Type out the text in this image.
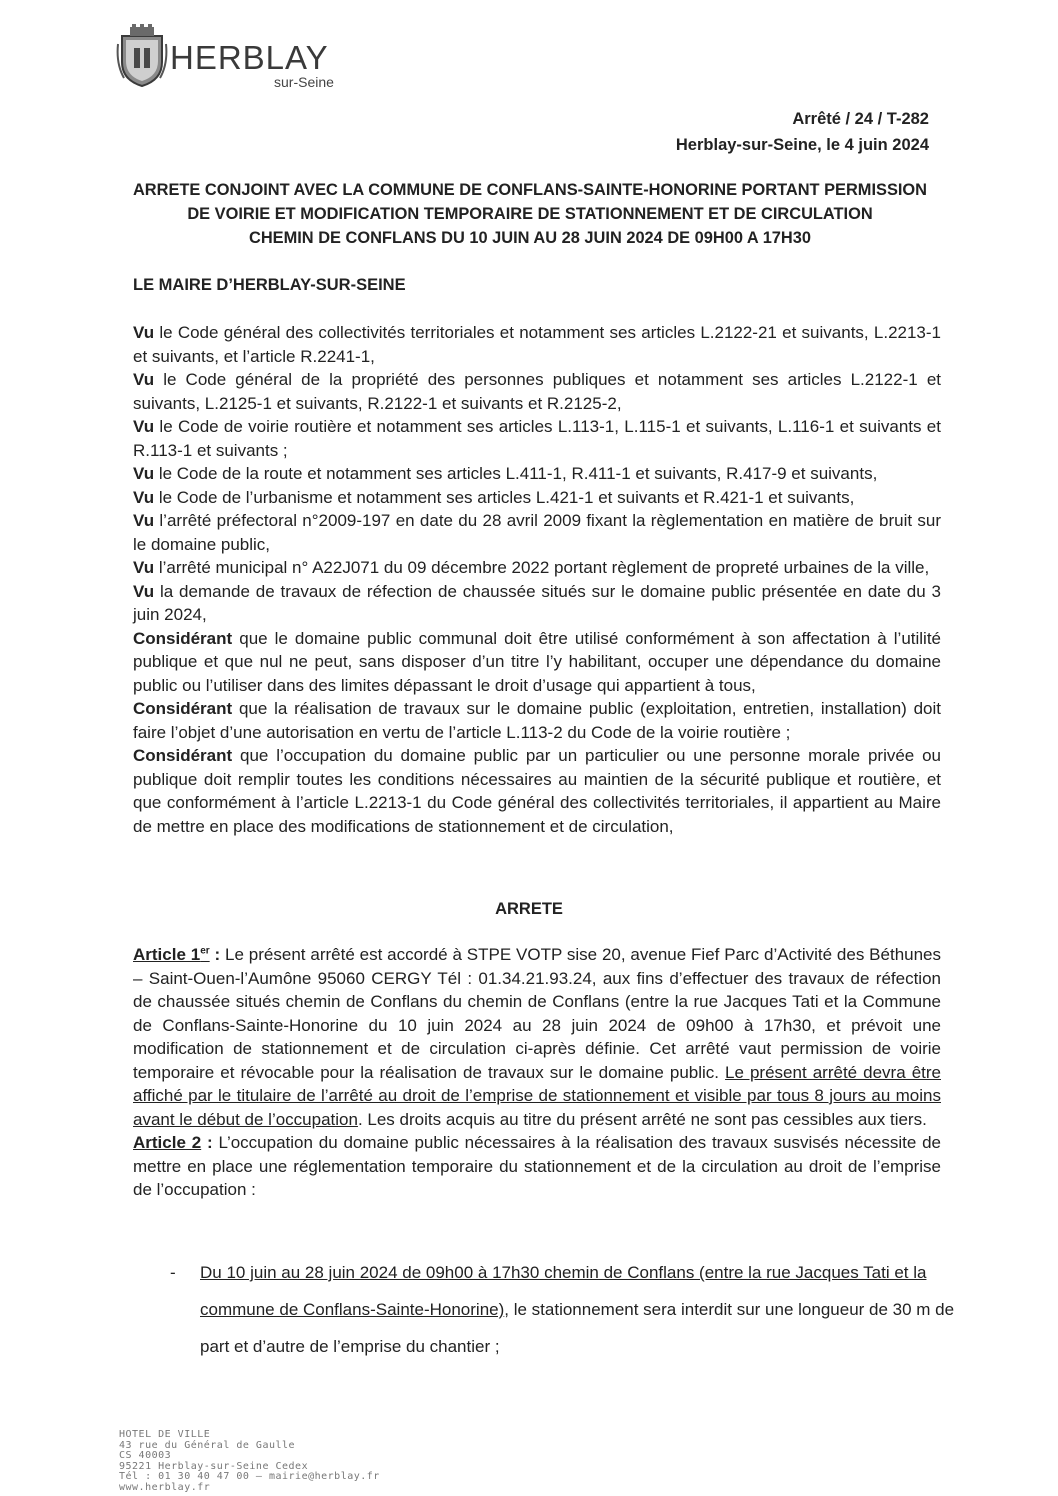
HERBLAY
sur-Seine
Arrêté / 24 / T-282
Herblay-sur-Seine, le 4 juin 2024
ARRETE CONJOINT AVEC LA COMMUNE DE CONFLANS-SAINTE-HONORINE PORTANT PERMISSION
DE VOIRIE ET MODIFICATION TEMPORAIRE DE STATIONNEMENT ET DE CIRCULATION
CHEMIN DE CONFLANS DU 10 JUIN AU 28 JUIN 2024 DE 09H00 A 17H30
LE MAIRE D’HERBLAY-SUR-SEINE

Vu le Code général des collectivités territoriales et notamment ses articles L.2122-21 et suivants, L.2213-1 et suivants, et l’article R.2241-1,

Vu le Code général de la propriété des personnes publiques et notamment ses articles L.2122-1 et suivants, L.2125-1 et suivants, R.2122-1 et suivants et R.2125-2,

Vu le Code de voirie routière et notamment ses articles L.113-1, L.115-1 et suivants, L.116-1 et suivants et R.113-1 et suivants ;

Vu le Code de la route et notamment ses articles L.411-1, R.411-1 et suivants, R.417-9 et suivants,

Vu le Code de l’urbanisme et notamment ses articles L.421-1 et suivants et R.421-1 et suivants,

Vu l’arrêté préfectoral n°2009-197 en date du 28 avril 2009 fixant la règlementation en matière de bruit sur le domaine public,

Vu l’arrêté municipal n° A22J071 du 09 décembre 2022 portant règlement de propreté urbaines de la ville,

Vu la demande de travaux de réfection de chaussée situés sur le domaine public présentée en date du 3 juin 2024,

Considérant que le domaine public communal doit être utilisé conformément à son affectation à l’utilité publique et que nul ne peut, sans disposer d’un titre l’y habilitant, occuper une dépendance du domaine public ou l’utiliser dans des limites dépassant le droit d’usage qui appartient à tous,

Considérant que la réalisation de travaux sur le domaine public (exploitation, entretien, installation) doit faire l’objet d’une autorisation en vertu de l’article L.113-2 du Code de la voirie routière ;

Considérant que l’occupation du domaine public par un particulier ou une personne morale privée ou publique doit remplir toutes les conditions nécessaires au maintien de la sécurité publique et routière, et que conformément à l’article L.2213-1 du Code général des collectivités territoriales, il appartient au Maire de mettre en place des modifications de stationnement et de circulation,

ARRETE

Article 1er : Le présent arrêté est accordé à STPE VOTP sise 20, avenue Fief Parc d’Activité des Béthunes – Saint-Ouen-l’Aumône 95060 CERGY Tél : 01.34.21.93.24, aux fins d’effectuer des travaux de réfection de chaussée situés chemin de Conflans du chemin de Conflans (entre la rue Jacques Tati et la Commune de Conflans-Sainte-Honorine du 10 juin 2024 au 28 juin 2024 de 09h00 à 17h30, et prévoit une modification de stationnement et de circulation ci-après définie. Cet arrêté vaut permission de voirie temporaire et révocable pour la réalisation de travaux sur le domaine public. Le présent arrêté devra être affiché par le titulaire de l’arrêté au droit de l’emprise de stationnement et visible par tous 8 jours au moins avant le début de l’occupation. Les droits acquis au titre du présent arrêté ne sont pas cessibles aux tiers.

Article 2 : L’occupation du domaine public nécessaires à la réalisation des travaux susvisés nécessite de mettre en place une réglementation temporaire du stationnement et de la circulation au droit de l’emprise de l’occupation :

- Du 10 juin au 28 juin 2024 de 09h00 à 17h30 chemin de Conflans (entre la rue Jacques Tati et la commune de Conflans-Sainte-Honorine), le stationnement sera interdit sur une longueur de 30 m de part et d’autre de l’emprise du chantier ;
HOTEL DE VILLE
43 rue du Général de Gaulle
CS 40003
95221 Herblay-sur-Seine Cedex
Tél : 01 30 40 47 00 – mairie@herblay.fr
www.herblay.fr
